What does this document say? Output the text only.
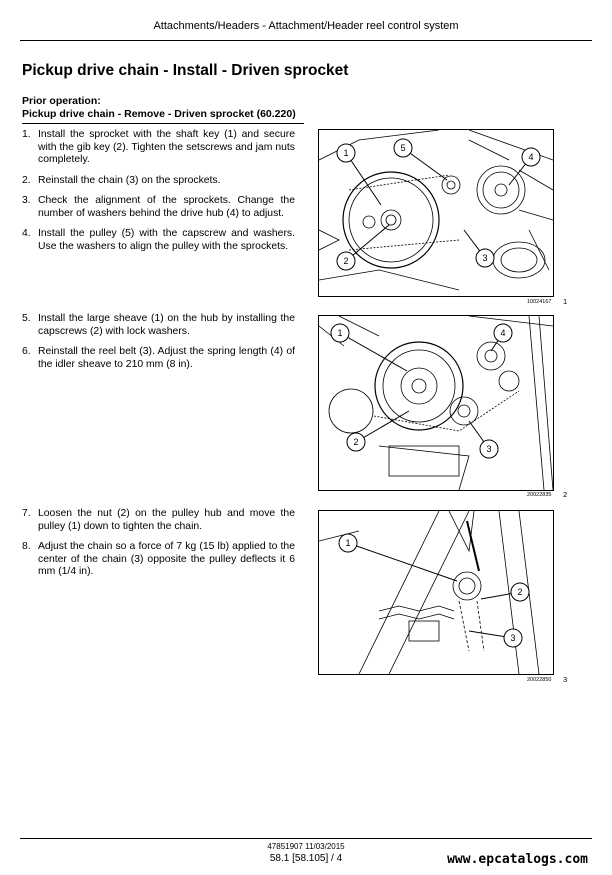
Attachments/Headers - Attachment/Header reel control system
Pickup drive chain - Install - Driven sprocket
Prior operation:
Pickup drive chain - Remove - Driven sprocket (60.220)
1. Install the sprocket with the shaft key (1) and secure with the gib key (2). Tighten the setscrews and jam nuts completely.
2. Reinstall the chain (3) on the sprockets.
3. Check the alignment of the sprockets. Change the number of washers behind the drive hub (4) to adjust.
4. Install the pulley (5) with the capscrew and washers. Use the washers to align the pulley with the sprockets.
5. Install the large sheave (1) on the hub by installing the capscrews (2) with lock washers.
6. Reinstall the reel belt (3). Adjust the spring length (4) of the idler sheave to 210 mm (8 in).
7. Loosen the nut (2) on the pulley hub and move the pulley (1) down to tighten the chain.
8. Adjust the chain so a force of 7 kg (15 lb) applied to the center of the chain (3) opposite the pulley deflects it 6 mm (1/4 in).
1	5
4
2	3
10024167 1
1	4
2
3
20022835 2
1
2
3
20022850 3
47851907 11/03/2015
58.1 [58.105] / 4	www.epcatalogs.com
